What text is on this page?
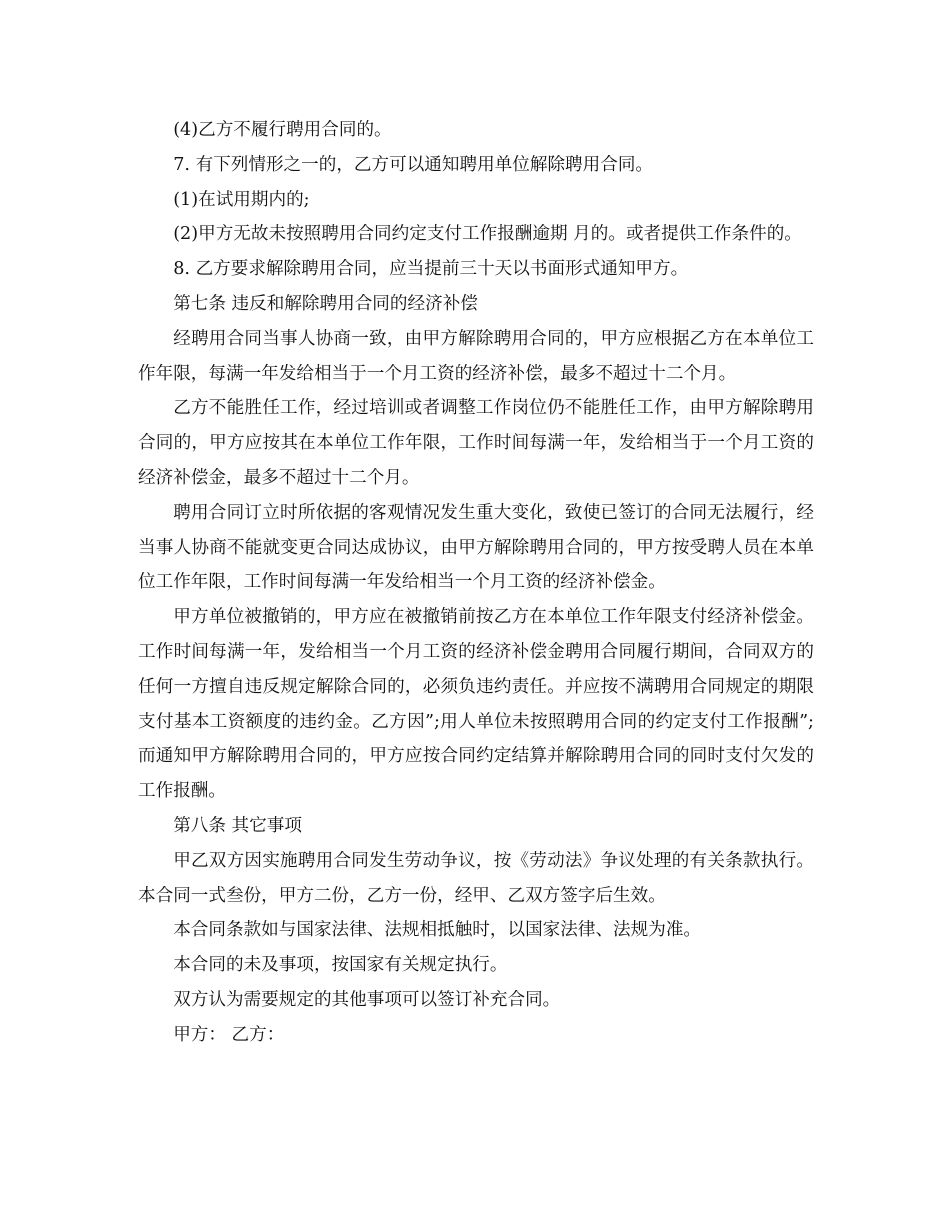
(4)乙方不履行聘用合同的。

7. 有下列情形之一的，乙方可以通知聘用单位解除聘用合同。

(1)在试用期内的;

(2)甲方无故未按照聘用合同约定支付工作报酬逾期 月的。或者提供工作条件的。

8. 乙方要求解除聘用合同，应当提前三十天以书面形式通知甲方。

第七条 违反和解除聘用合同的经济补偿

经聘用合同当事人协商一致，由甲方解除聘用合同的，甲方应根据乙方在本单位工作年限，每满一年发给相当于一个月工资的经济补偿，最多不超过十二个月。

乙方不能胜任工作，经过培训或者调整工作岗位仍不能胜任工作，由甲方解除聘用合同的，甲方应按其在本单位工作年限，工作时间每满一年，发给相当于一个月工资的经济补偿金，最多不超过十二个月。

聘用合同订立时所依据的客观情况发生重大变化，致使已签订的合同无法履行，经当事人协商不能就变更合同达成协议，由甲方解除聘用合同的，甲方按受聘人员在本单位工作年限，工作时间每满一年发给相当一个月工资的经济补偿金。

甲方单位被撤销的，甲方应在被撤销前按乙方在本单位工作年限支付经济补偿金。工作时间每满一年，发给相当一个月工资的经济补偿金聘用合同履行期间，合同双方的任何一方擅自违反规定解除合同的，必须负违约责任。并应按不满聘用合同规定的期限支付基本工资额度的违约金。乙方因”;用人单位未按照聘用合同的约定支付工作报酬”;而通知甲方解除聘用合同的，甲方应按合同约定结算并解除聘用合同的同时支付欠发的工作报酬。

第八条 其它事项

甲乙双方因实施聘用合同发生劳动争议，按《劳动法》争议处理的有关条款执行。 本合同一式叁份，甲方二份，乙方一份，经甲、乙双方签字后生效。

本合同条款如与国家法律、法规相抵触时，以国家法律、法规为准。

本合同的未及事项，按国家有关规定执行。

双方认为需要规定的其他事项可以签订补充合同。

甲方： 乙方：
